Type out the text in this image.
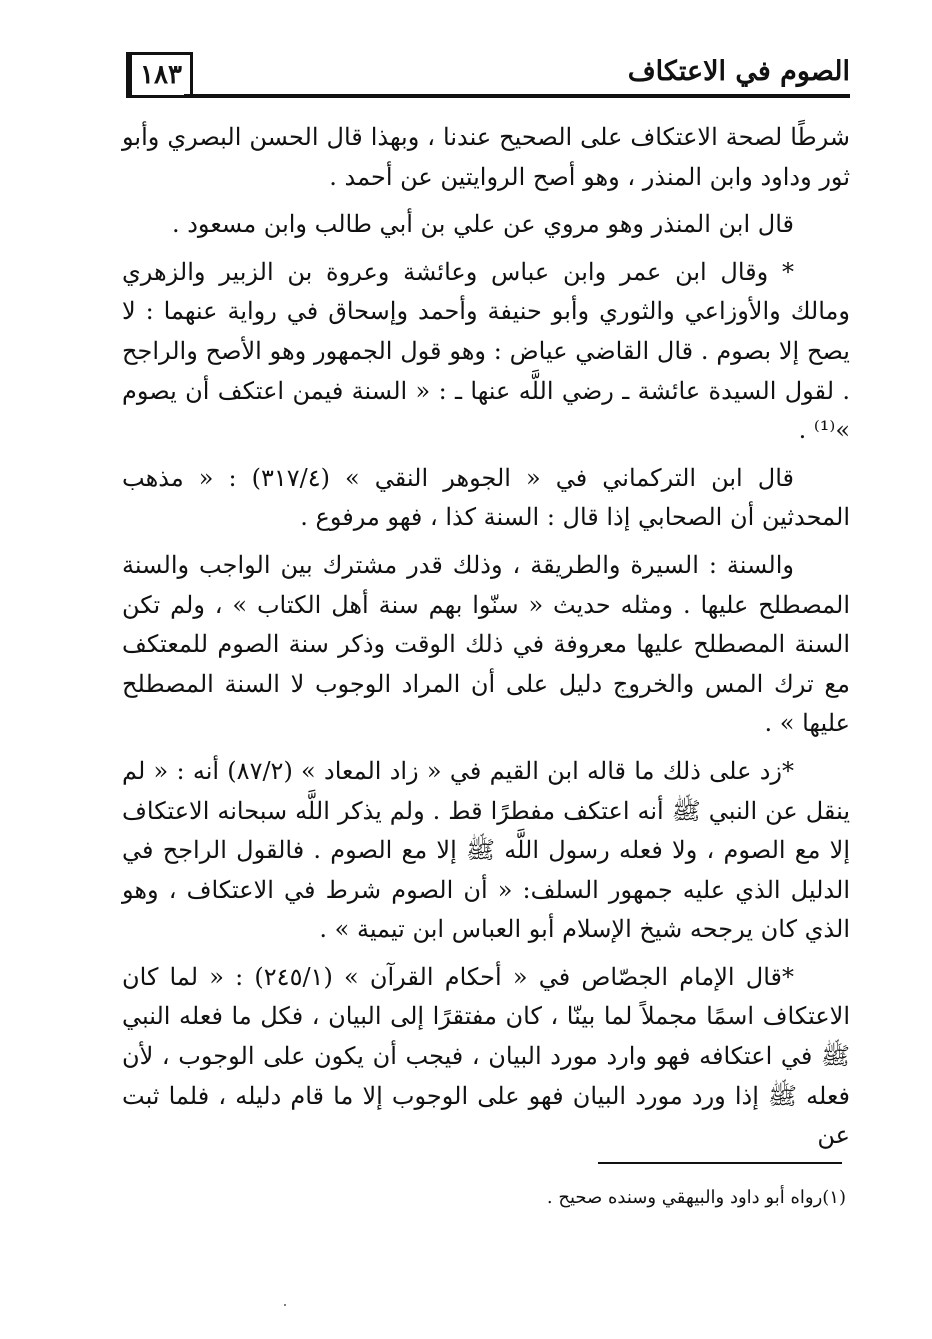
١٨٣	الصوم في الاعتكاف

شرطًا لصحة الاعتكاف على الصحيح عندنا ، وبهذا قال الحسن البصري وأبو ثور وداود وابن المنذر ، وهو أصح الروايتين عن أحمد .

قال ابن المنذر وهو مروي عن علي بن أبي طالب وابن مسعود .

* وقال ابن عمر وابن عباس وعائشة وعروة بن الزبير والزهري ومالك والأوزاعي والثوري وأبو حنيفة وأحمد وإسحاق في رواية عنهما : لا يصح إلا بصوم . قال القاضي عياض : وهو قول الجمهور وهو الأصح والراجح . لقول السيدة عائشة ـ رضي اللَّه عنها ـ : « السنة فيمن اعتكف أن يصوم »⁽¹⁾ .

قال ابن التركماني في « الجوهر النقي » (٣١٧/٤) : « مذهب المحدثين أن الصحابي إذا قال : السنة كذا ، فهو مرفوع .

والسنة : السيرة والطريقة ، وذلك قدر مشترك بين الواجب والسنة المصطلح عليها . ومثله حديث « سنّوا بهم سنة أهل الكتاب » ، ولم تكن السنة المصطلح عليها معروفة في ذلك الوقت وذكر سنة الصوم للمعتكف مع ترك المس والخروج دليل على أن المراد الوجوب لا السنة المصطلح عليها » .

*زد على ذلك ما قاله ابن القيم في « زاد المعاد » (٨٧/٢) أنه : « لم ينقل عن النبي ﷺ أنه اعتكف مفطرًا قط . ولم يذكر اللَّه سبحانه الاعتكاف إلا مع الصوم ، ولا فعله رسول اللَّه ﷺ إلا مع الصوم . فالقول الراجح في الدليل الذي عليه جمهور السلف: « أن الصوم شرط في الاعتكاف ، وهو الذي كان يرجحه شيخ الإسلام أبو العباس ابن تيمية » .

*قال الإمام الجصّاص في « أحكام القرآن » (٢٤٥/١) : « لما كان الاعتكاف اسمًا مجملاً لما بينّا ، كان مفتقرًا إلى البيان ، فكل ما فعله النبي ﷺ في اعتكافه فهو وارد مورد البيان ، فيجب أن يكون على الوجوب ، لأن فعله ﷺ إذا ورد مورد البيان فهو على الوجوب إلا ما قام دليله ، فلما ثبت عن

(١)رواه أبو داود والبيهقي وسنده صحيح .
